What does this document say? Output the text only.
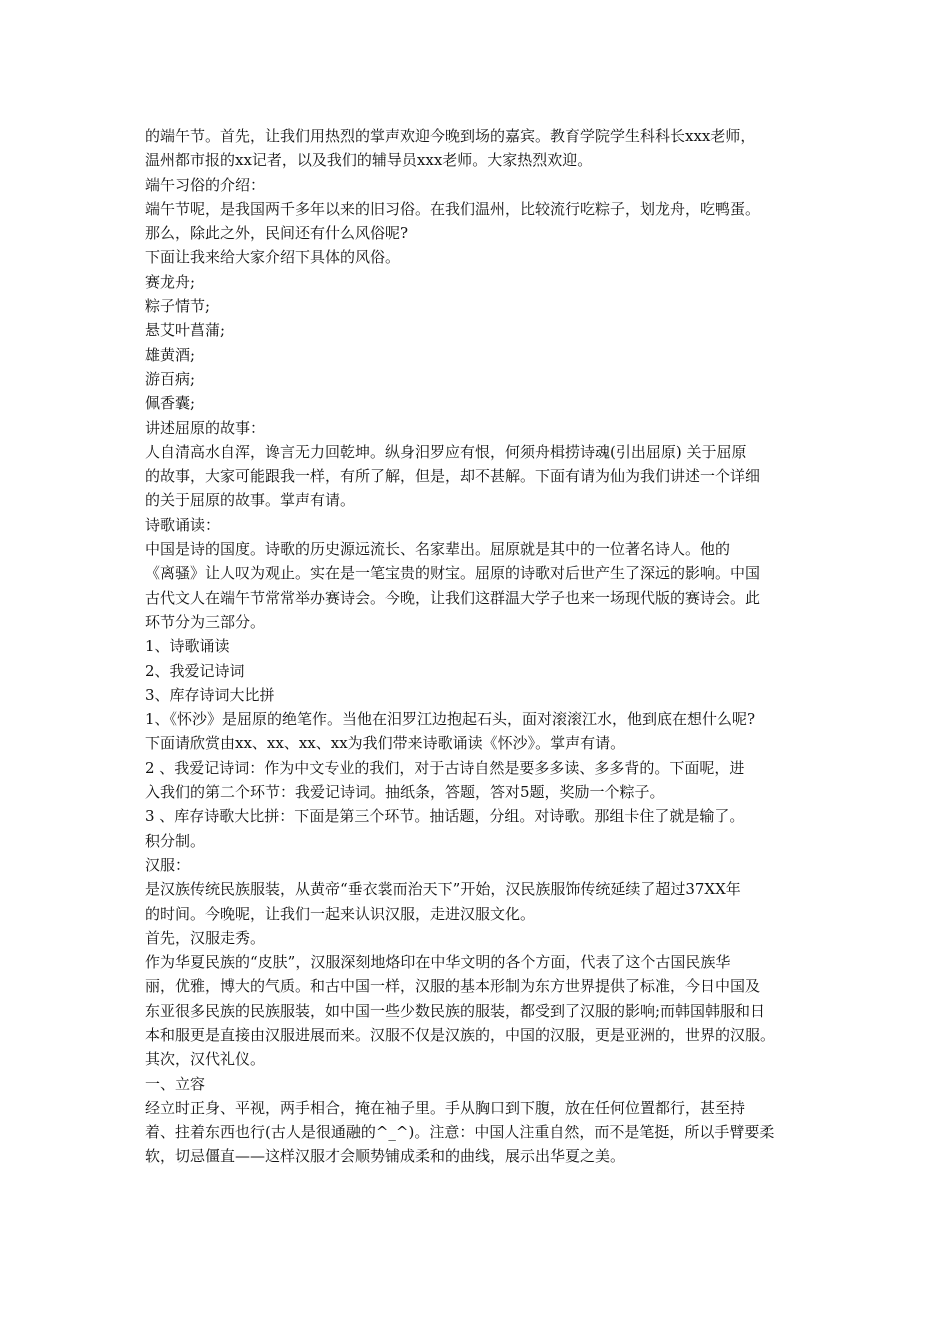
的端午节。首先，让我们用热烈的掌声欢迎今晚到场的嘉宾。教育学院学生科科长xxx老师，
温州都市报的xx记者，以及我们的辅导员xxx老师。大家热烈欢迎。
端午习俗的介绍：
端午节呢，是我国两千多年以来的旧习俗。在我们温州，比较流行吃粽子，划龙舟，吃鸭蛋。
那么，除此之外，民间还有什么风俗呢?
下面让我来给大家介绍下具体的风俗。
赛龙舟;
粽子情节;
悬艾叶菖蒲;
雄黄酒;
游百病;
佩香囊;
讲述屈原的故事：
人自清高水自浑，谗言无力回乾坤。纵身汨罗应有恨，何须舟楫捞诗魂(引出屈原) 关于屈原
的故事，大家可能跟我一样，有所了解，但是，却不甚解。下面有请为仙为我们讲述一个详细
的关于屈原的故事。掌声有请。
诗歌诵读：
中国是诗的国度。诗歌的历史源远流长、名家辈出。屈原就是其中的一位著名诗人。他的
《离骚》让人叹为观止。实在是一笔宝贵的财宝。屈原的诗歌对后世产生了深远的影响。中国
古代文人在端午节常常举办赛诗会。今晚，让我们这群温大学子也来一场现代版的赛诗会。此
环节分为三部分。
1、诗歌诵读
2、我爱记诗词
3、库存诗词大比拼
1、《怀沙》是屈原的绝笔作。当他在汨罗江边抱起石头，面对滚滚江水，他到底在想什么呢?
下面请欣赏由xx、xx、xx、xx为我们带来诗歌诵读《怀沙》。掌声有请。
2 、我爱记诗词：作为中文专业的我们，对于古诗自然是要多多读、多多背的。下面呢，进
入我们的第二个环节：我爱记诗词。抽纸条，答题，答对5题，奖励一个粽子。
3 、库存诗歌大比拼：下面是第三个环节。抽话题，分组。对诗歌。那组卡住了就是输了。
积分制。
汉服：
是汉族传统民族服装，从黄帝“垂衣裳而治天下”开始，汉民族服饰传统延续了超过37XX年
的时间。今晚呢，让我们一起来认识汉服，走进汉服文化。
首先，汉服走秀。
作为华夏民族的“皮肤”，汉服深刻地烙印在中华文明的各个方面，代表了这个古国民族华
丽，优雅，博大的气质。和古中国一样，汉服的基本形制为东方世界提供了标准，今日中国及
东亚很多民族的民族服装，如中国一些少数民族的服装，都受到了汉服的影响;而韩国韩服和日
本和服更是直接由汉服进展而来。汉服不仅是汉族的，中国的汉服，更是亚洲的，世界的汉服。
其次，汉代礼仪。
一、立容
经立时正身、平视，两手相合，掩在袖子里。手从胸口到下腹，放在任何位置都行，甚至持
着、拄着东西也行(古人是很通融的^_^)。注意：中国人注重自然，而不是笔挺，所以手臂要柔
软，切忌僵直——这样汉服才会顺势铺成柔和的曲线，展示出华夏之美。
